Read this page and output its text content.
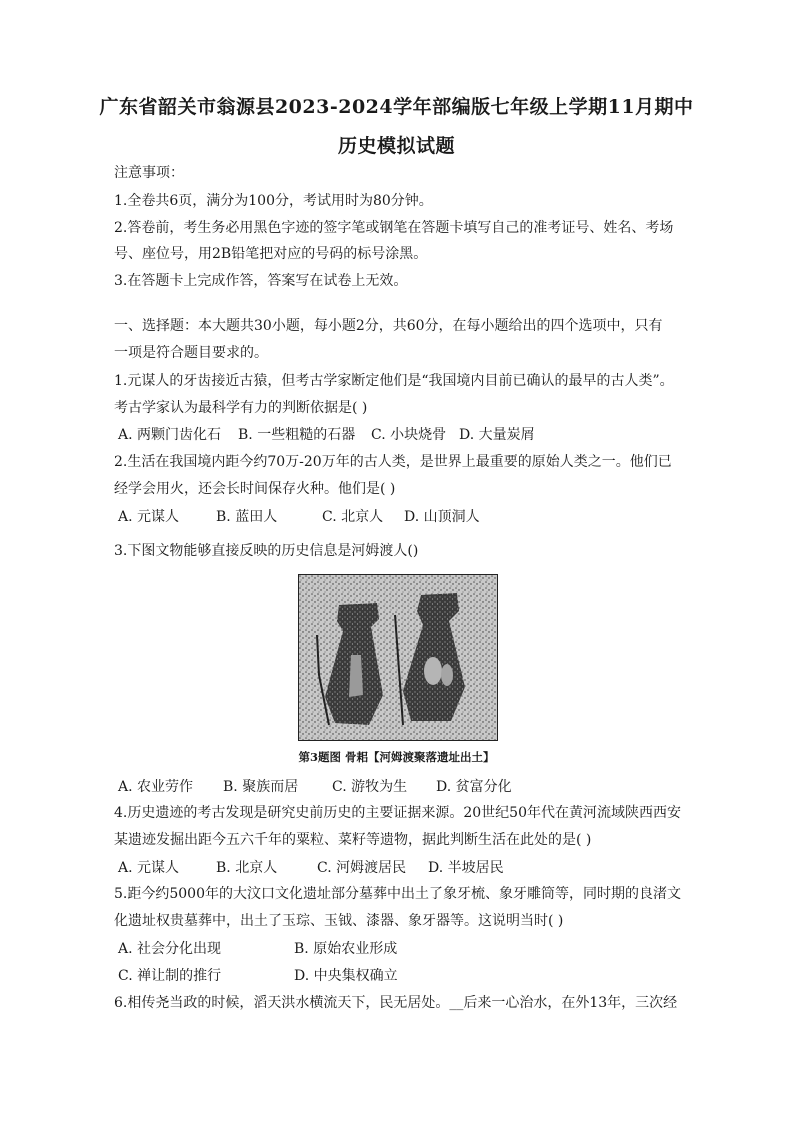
广东省韶关市翁源县2023-2024学年部编版七年级上学期11月期中
历史模拟试题
注意事项：
1.全卷共6页，满分为100分，考试用时为80分钟。
2.答卷前，考生务必用黑色字迹的签字笔或钢笔在答题卡填写自己的准考证号、姓名、考场
号、座位号，用2B铅笔把对应的号码的标号涂黑。
3.在答题卡上完成作答，答案写在试卷上无效。
一、选择题：本大题共30小题，每小题2分，共60分，在每小题给出的四个选项中，只有
一项是符合题目要求的。
1.元谋人的牙齿接近古猿，但考古学家断定他们是“我国境内目前已确认的最早的古人类”。
考古学家认为最科学有力的判断依据是( )
A. 两颗门齿化石 B. 一些粗糙的石器 C. 小块烧骨 D. 大量炭屑
2.生活在我国境内距今约70万-20万年的古人类，是世界上最重要的原始人类之一。他们已
经学会用火，还会长时间保存火种。他们是( )
A. 元谋人	B. 蓝田人	C. 北京人 D. 山顶洞人
3.下图文物能够直接反映的历史信息是河姆渡人()
第3题图 骨耜【河姆渡聚落遗址出土】
A. 农业劳作 B. 聚族而居 C. 游牧为生 D. 贫富分化
4.历史遗迹的考古发现是研究史前历史的主要证据来源。20世纪50年代在黄河流域陕西西安
某遗迹发掘出距今五六千年的粟粒、菜籽等遗物，据此判断生活在此处的是( )
A. 元谋人	B. 北京人	C. 河姆渡居民 D. 半坡居民
5.距今约5000年的大汶口文化遗址部分墓葬中出土了象牙梳、象牙雕筒等，同时期的良渚文
化遗址权贵墓葬中，出土了玉琮、玉钺、漆器、象牙器等。这说明当时( )
A. 社会分化出现	B. 原始农业形成
C. 禅让制的推行	D. 中央集权确立
6.相传尧当政的时候，滔天洪水横流天下，民无居处。__后来一心治水，在外13年，三次经
